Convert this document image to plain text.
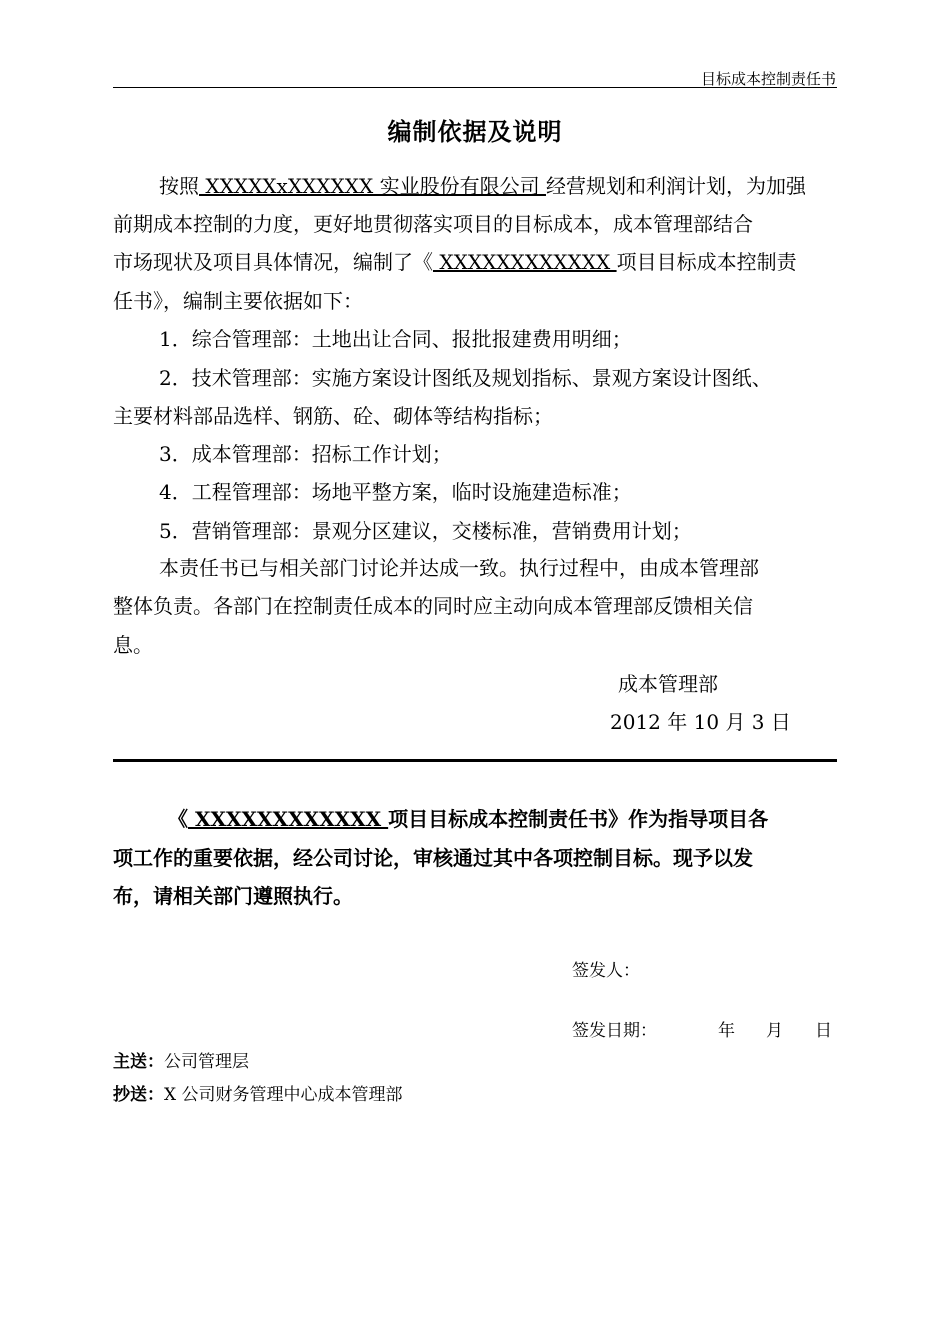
目标成本控制责任书
编制依据及说明
按照 XXXXXxXXXXXX 实业股份有限公司 经营规划和利润计划，为加强
前期成本控制的力度，更好地贯彻落实项目的目标成本，成本管理部结合
市场现状及项目具体情况，编制了《 XXXXXXXXXXXX 项目目标成本控制责
任书》，编制主要依据如下：
1．综合管理部：土地出让合同、报批报建费用明细；
2．技术管理部：实施方案设计图纸及规划指标、景观方案设计图纸、
主要材料部品选样、钢筋、砼、砌体等结构指标；
3．成本管理部：招标工作计划；
4．工程管理部：场地平整方案，临时设施建造标准；
5．营销管理部：景观分区建议，交楼标准，营销费用计划；
本责任书已与相关部门讨论并达成一致。执行过程中，由成本管理部
整体负责。各部门在控制责任成本的同时应主动向成本管理部反馈相关信
息。
成本管理部
2012 年 10 月 3 日
《 XXXXXXXXXXXX 项目目标成本控制责任书》作为指导项目各
项工作的重要依据，经公司讨论，审核通过其中各项控制目标。现予以发
布，请相关部门遵照执行。
签发人：
签发日期：	年 月 日
主送：公司管理层
抄送：X 公司财务管理中心成本管理部
